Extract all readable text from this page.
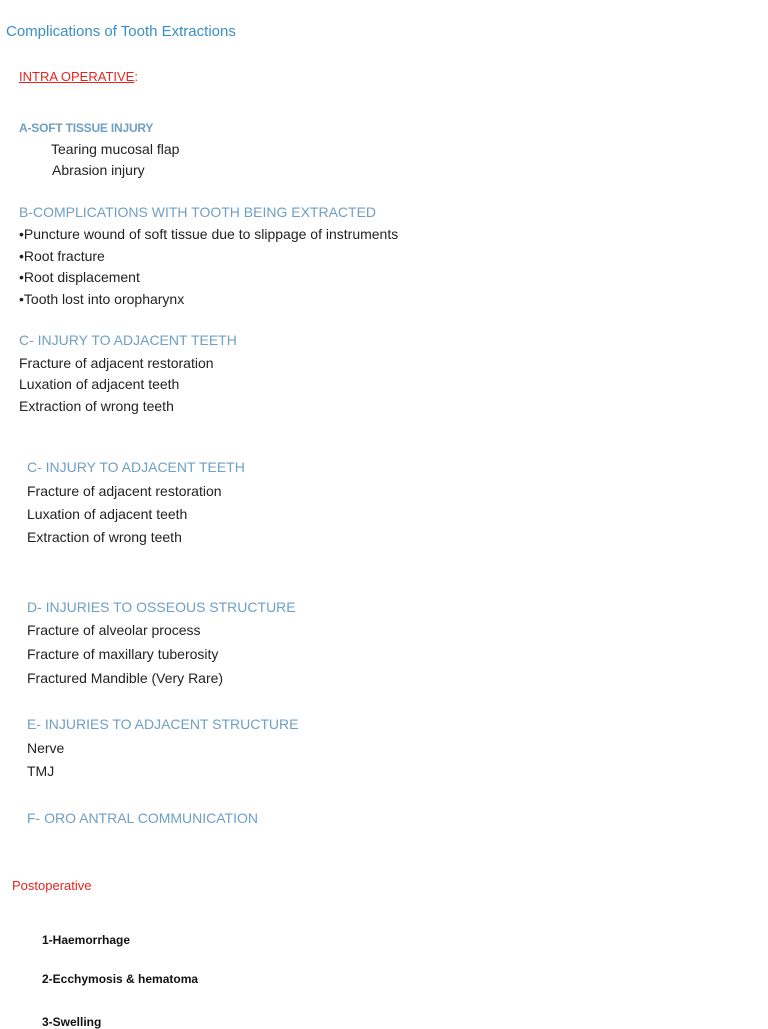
Complications of Tooth Extractions
INTRA OPERATIVE:
A-SOFT TISSUE INJURY
Tearing mucosal flap
Abrasion injury
B-COMPLICATIONS WITH TOOTH BEING EXTRACTED
•Puncture wound of soft tissue due to slippage of instruments
•Root fracture
•Root displacement
•Tooth lost into oropharynx
C- INJURY TO ADJACENT TEETH
Fracture of adjacent restoration
Luxation of adjacent teeth
Extraction of wrong teeth
C- INJURY TO ADJACENT TEETH
Fracture of adjacent restoration
Luxation of adjacent teeth
Extraction of wrong teeth
D- INJURIES TO OSSEOUS STRUCTURE
Fracture of alveolar process
Fracture of maxillary tuberosity
Fractured Mandible (Very Rare)
E- INJURIES TO ADJACENT STRUCTURE
Nerve
TMJ
F- ORO ANTRAL COMMUNICATION
Postoperative
1-Haemorrhage
2-Ecchymosis & hematoma
3-Swelling
